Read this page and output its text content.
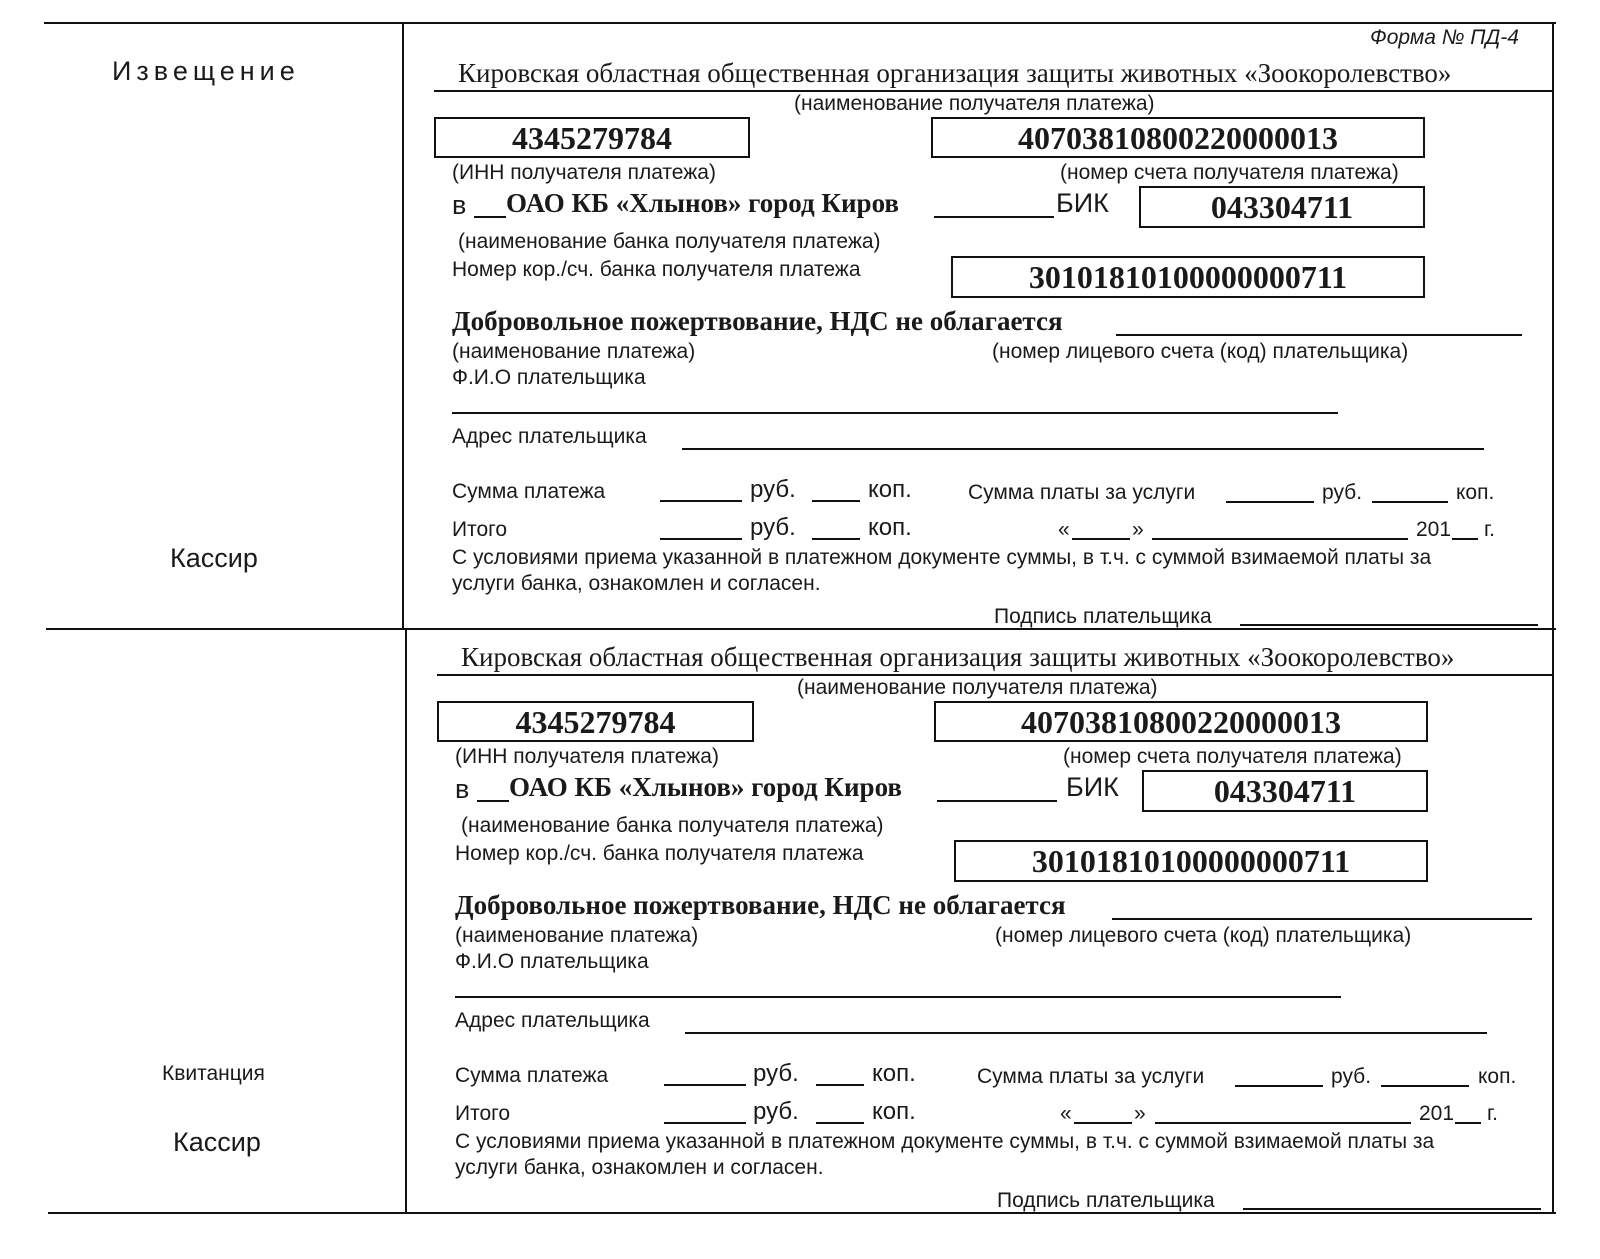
Форма № ПД-4
Извещение
Кассир
Квитанция
Кассир
Кировская областная общественная организация защиты животных «Зоокоролевство»
(наименование получателя платежа)
4345279784	40703810800220000013
(ИНН получателя платежа)	(номер счета получателя платежа)
в ОАО КБ «Хлынов» город Киров	БИК	043304711
(наименование банка получателя платежа)
Номер кор./сч. банка получателя платежа	30101810100000000711
Добровольное пожертвование, НДС не облагается
(наименование платежа)	(номер лицевого счета (код) плательщика)
Ф.И.О плательщика
Адрес плательщика
Сумма платежа	руб.	коп.	Сумма платы за услуги	руб.	коп.
Итого	руб.	коп.	«	»	201 г.
С условиями приема указанной в платежном документе суммы, в т.ч. с суммой взимаемой платы за
услуги банка, ознакомлен и согласен.
Подпись плательщика
Кировская областная общественная организация защиты животных «Зоокоролевство»
(наименование получателя платежа)
4345279784	40703810800220000013
(ИНН получателя платежа)	(номер счета получателя платежа)
в ОАО КБ «Хлынов» город Киров	БИК	043304711
(наименование банка получателя платежа)
Номер кор./сч. банка получателя платежа	30101810100000000711
Добровольное пожертвование, НДС не облагается
(наименование платежа)	(номер лицевого счета (код) плательщика)
Ф.И.О плательщика
Адрес плательщика
Сумма платежа	руб.	коп.	Сумма платы за услуги	руб.	коп.
Итого	руб.	коп.	«	»	201 г.
С условиями приема указанной в платежном документе суммы, в т.ч. с суммой взимаемой платы за
услуги банка, ознакомлен и согласен.
Подпись плательщика
